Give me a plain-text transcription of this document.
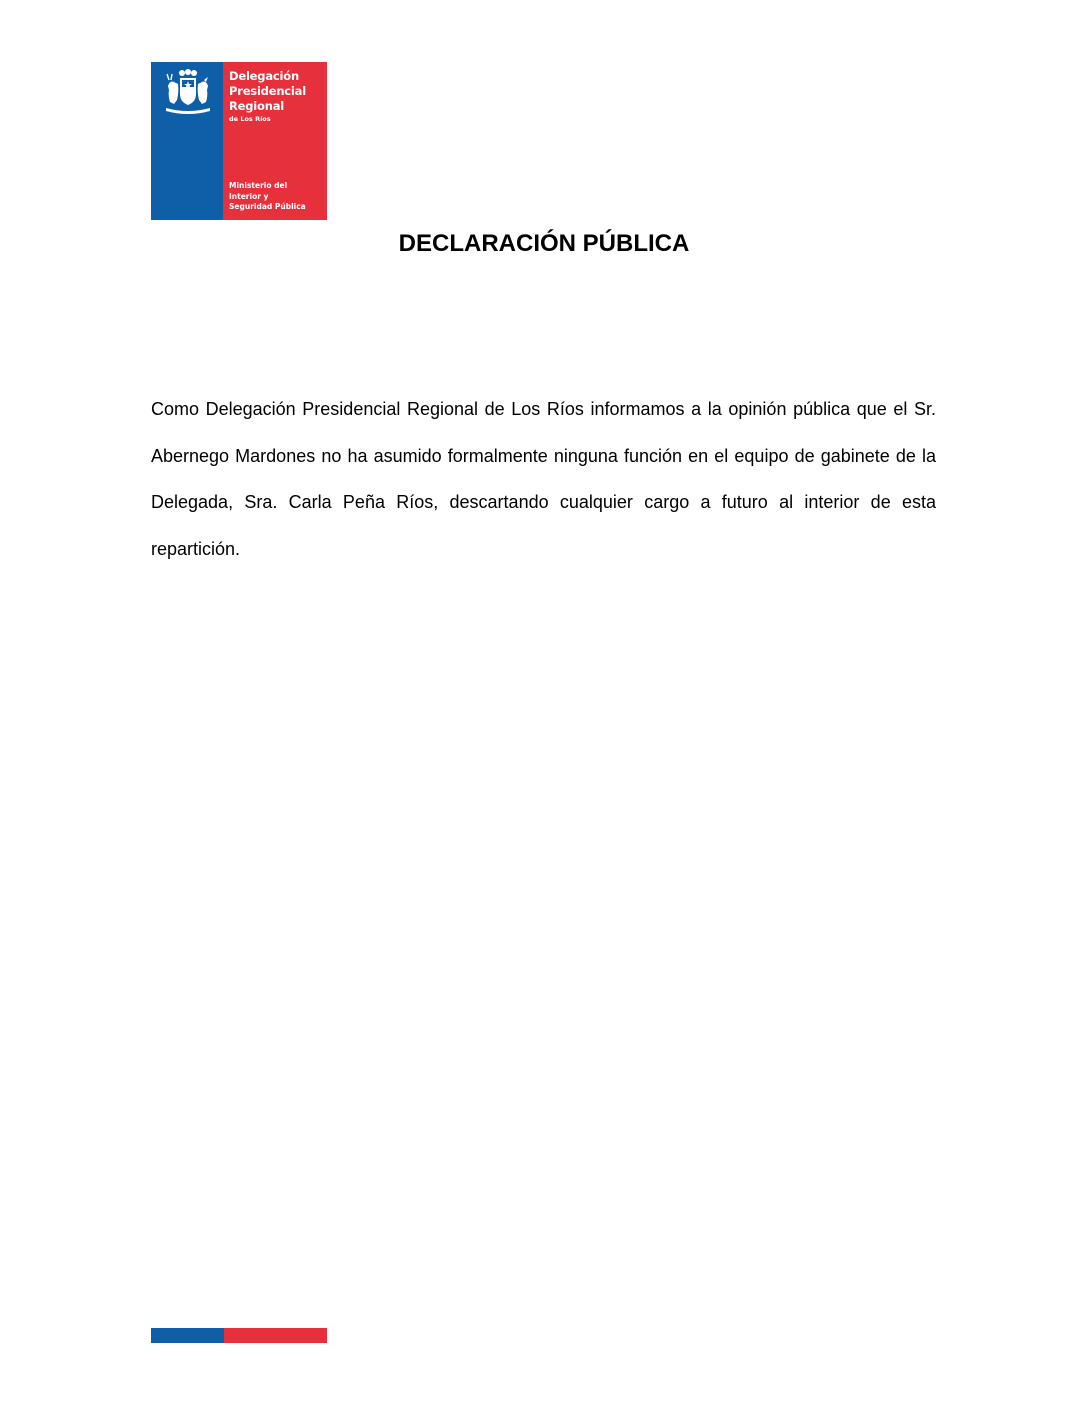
Delegación
Presidencial
Regional
de Los Ríos
Ministerio del
Interior y
Seguridad Pública
DECLARACIÓN PÚBLICA

Como Delegación Presidencial Regional de Los Ríos informamos a la opinión pública que el Sr. Abernego Mardones no ha asumido formalmente ninguna función en el equipo de gabinete de la Delegada, Sra. Carla Peña Ríos, descartando cualquier cargo a futuro al interior de esta repartición.
